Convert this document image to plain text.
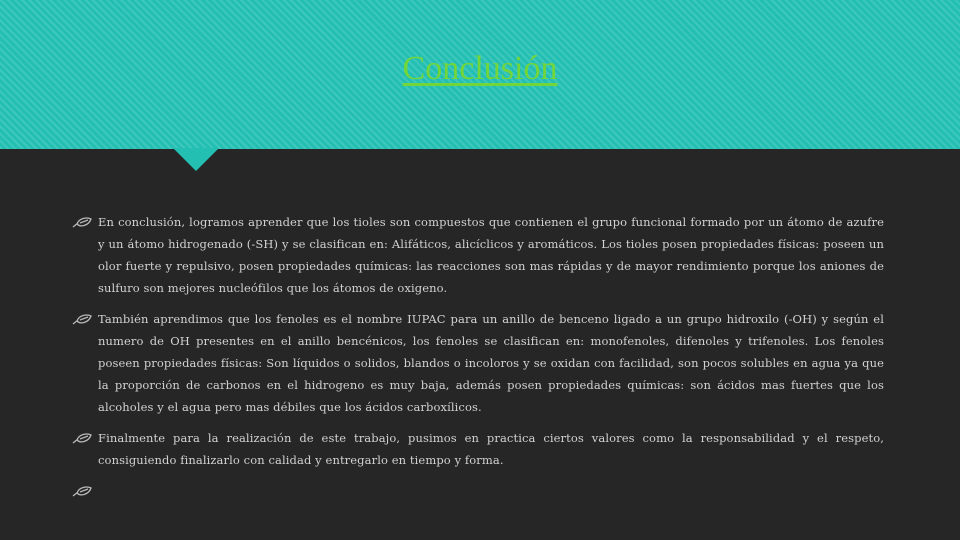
Conclusión
En conclusión, logramos aprender que los tioles son compuestos que contienen el grupo funcional formado por un átomo de azufre y un átomo hidrogenado (-SH) y se clasifican en: Alifáticos, alicíclicos y aromáticos. Los tioles posen propiedades físicas: poseen un olor fuerte y repulsivo, posen propiedades químicas: las reacciones son mas rápidas y de mayor rendimiento porque los aniones de sulfuro son mejores nucleófilos que los átomos de oxigeno.
También aprendimos que los fenoles es el nombre IUPAC para un anillo de benceno ligado a un grupo hidroxilo (-OH) y según el numero de OH presentes en el anillo bencénicos, los fenoles se clasifican en: monofenoles, difenoles y trifenoles. Los fenoles poseen propiedades físicas: Son líquidos o solidos, blandos o incoloros y se oxidan con facilidad, son pocos solubles en agua ya que la proporción de carbonos en el hidrogeno es muy baja, además posen propiedades químicas: son ácidos mas fuertes que los alcoholes y el agua pero mas débiles que los ácidos carboxílicos.
Finalmente para la realización de este trabajo, pusimos en practica ciertos valores como la responsabilidad y el respeto, consiguiendo finalizarlo con calidad y entregarlo en tiempo y forma.
